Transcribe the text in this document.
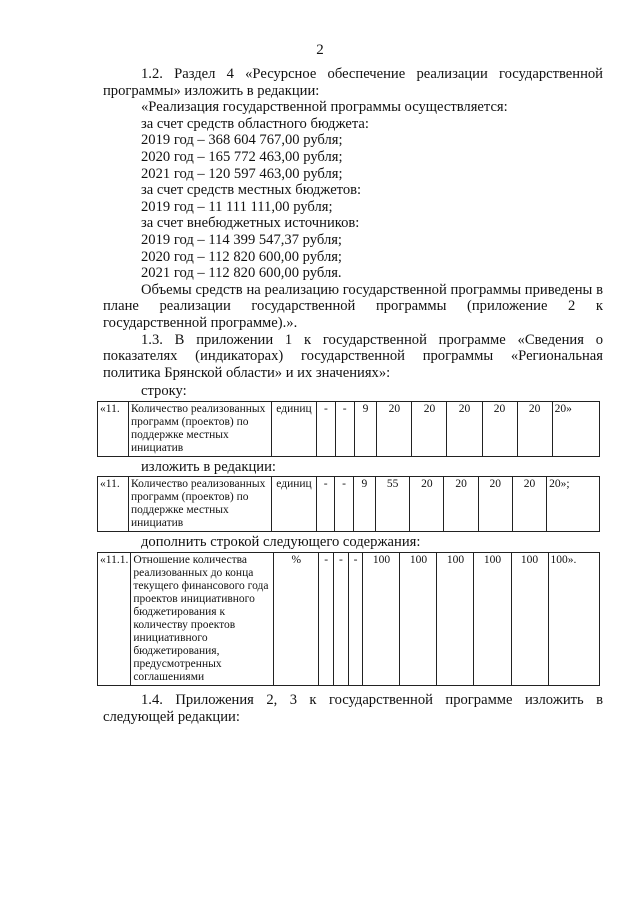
2

1.2. Раздел 4 «Ресурсное обеспечение реализации государственной программы» изложить в редакции:

«Реализация государственной программы осуществляется:

за счет средств областного бюджета:

2019 год – 368 604 767,00 рубля;

2020 год – 165 772 463,00 рубля;

2021 год – 120 597 463,00 рубля;

за счет средств местных бюджетов:

2019 год – 11 111 111,00 рубля;

за счет внебюджетных источников:

2019 год – 114 399 547,37 рубля;

2020 год – 112 820 600,00 рубля;

2021 год – 112 820 600,00 рубля.

Объемы средств на реализацию государственной программы приведены в плане реализации государственной программы (приложение 2 к государственной программе).».

1.3. В приложении 1 к государственной программе «Сведения о показателях (индикаторах) государственной программы «Региональная политика Брянской области» и их значениях»:

строку:

«11.	Количество реализованных программ (проектов) по поддержке местных инициатив	единиц	-	-	9	20	20	20	20	20	20»

изложить в редакции:

«11.	Количество реализованных программ (проектов) по поддержке местных инициатив	единиц	-	-	9	55	20	20	20	20	20»;

дополнить строкой следующего содержания:

«11.1.	Отношение количества реализованных до конца текущего финансового года проектов инициативного бюджетирования к количеству проектов инициативного бюджетирования, предусмотренных соглашениями	%	-	-	-	100	100	100	100	100	100».

1.4. Приложения 2, 3 к государственной программе изложить в следующей редакции:
